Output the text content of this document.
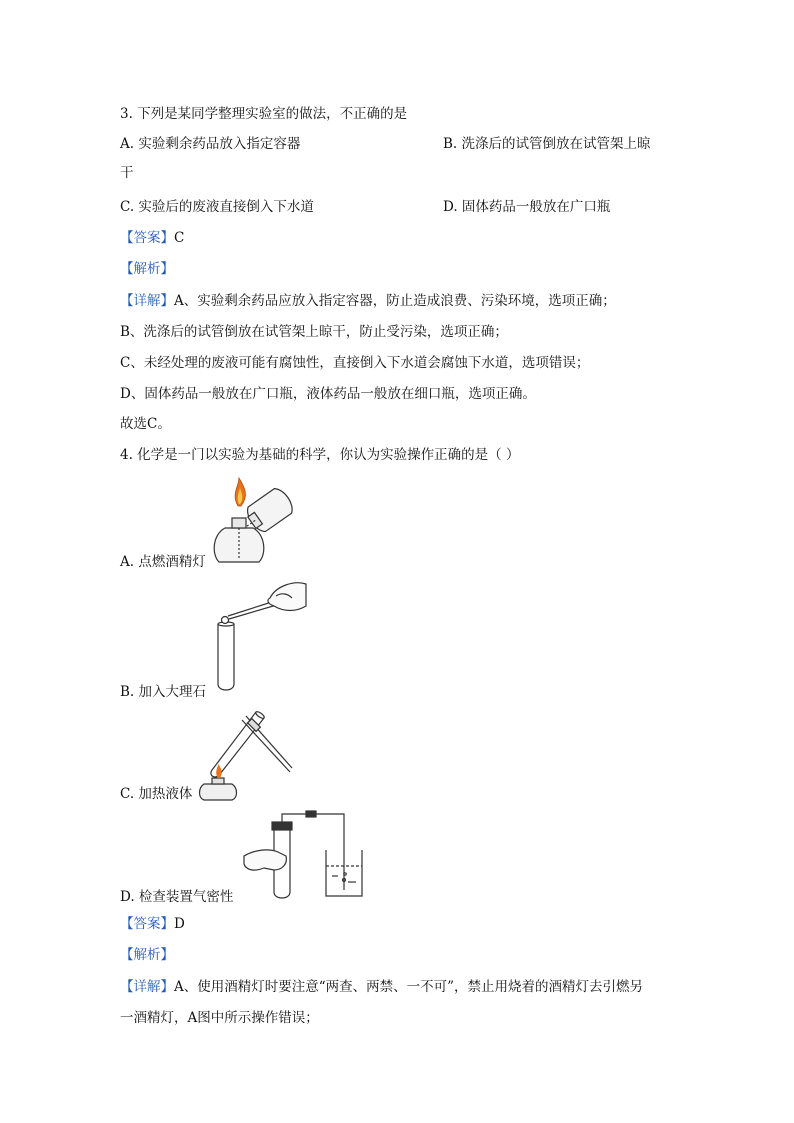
3. 下列是某同学整理实验室的做法，不正确的是
A. 实验剩余药品放入指定容器	B. 洗涤后的试管倒放在试管架上晾
干
C. 实验后的废液直接倒入下水道	D. 固体药品一般放在广口瓶
【答案】C
【解析】
【详解】A、实验剩余药品应放入指定容器，防止造成浪费、污染环境，选项正确；
B、洗涤后的试管倒放在试管架上晾干，防止受污染，选项正确；
C、未经处理的废液可能有腐蚀性，直接倒入下水道会腐蚀下水道，选项错误；
D、固体药品一般放在广口瓶，液体药品一般放在细口瓶，选项正确。
故选C。
4. 化学是一门以实验为基础的科学，你认为实验操作正确的是（ ）
A. 点燃酒精灯
B. 加入大理石
C. 加热液体
D. 检查装置气密性
【答案】D
【解析】
【详解】A、使用酒精灯时要注意“两查、两禁、一不可”，禁止用烧着的酒精灯去引燃另
一酒精灯，A图中所示操作错误；
